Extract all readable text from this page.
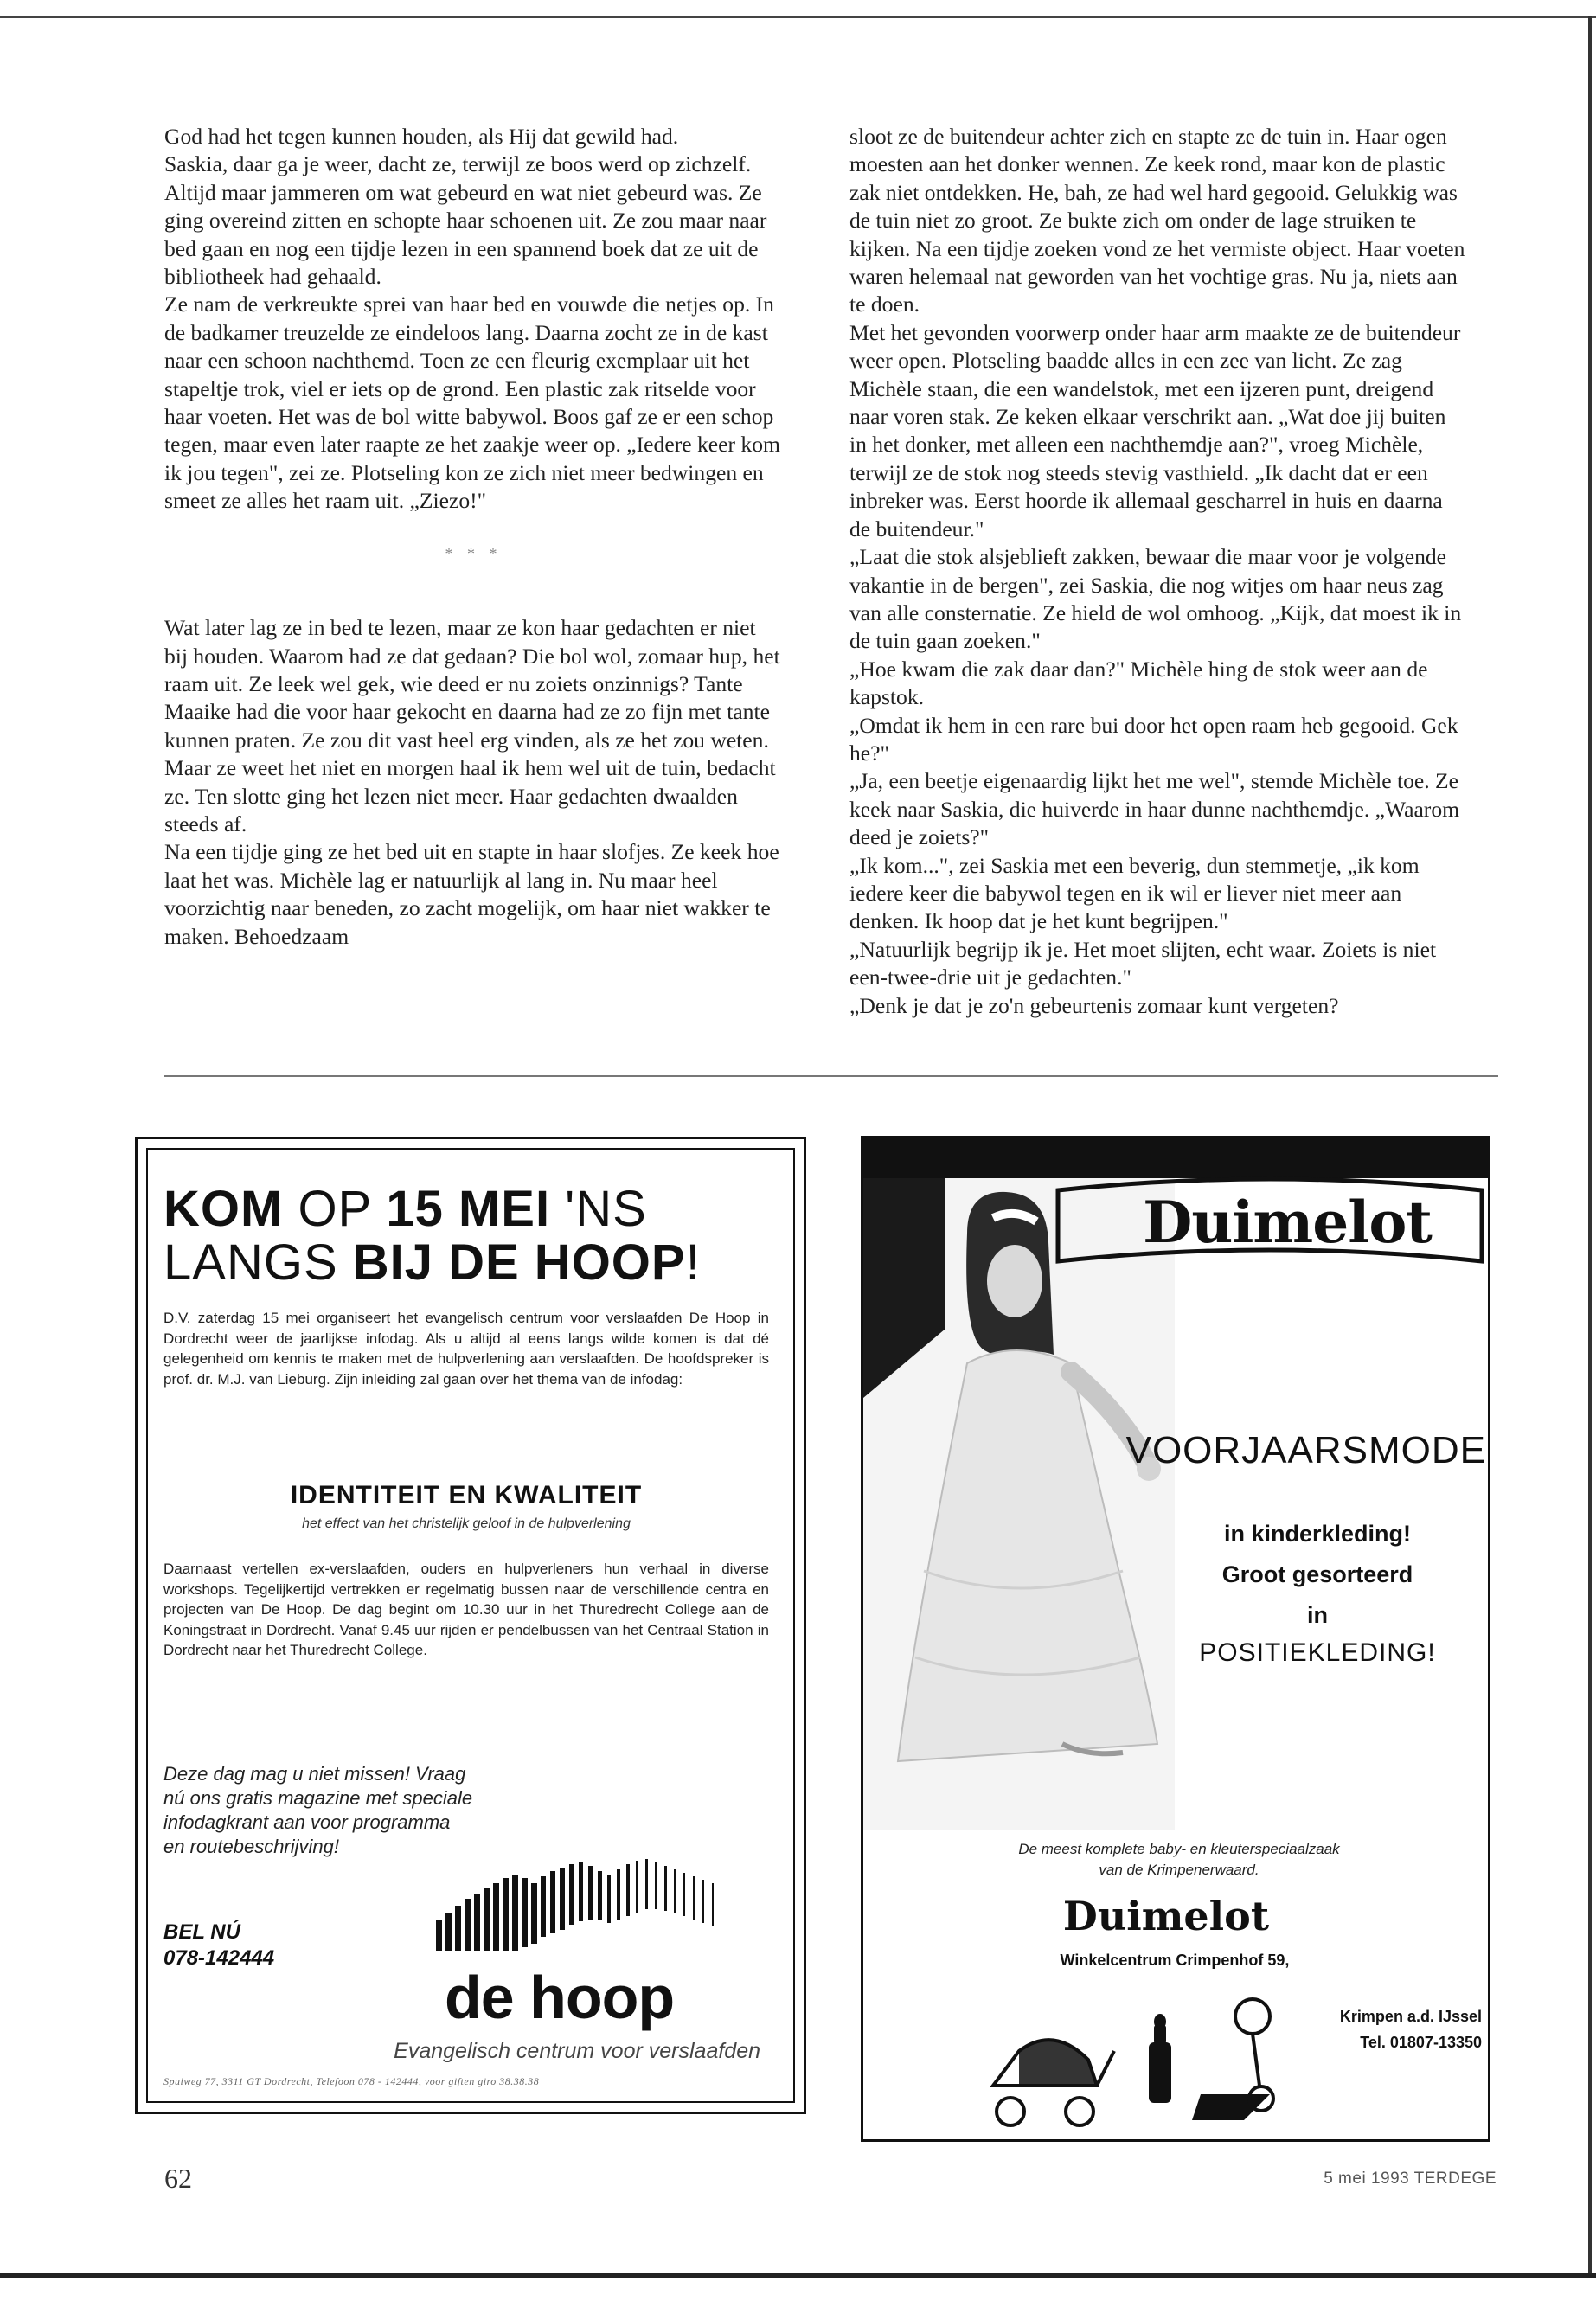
God had het tegen kunnen houden, als Hij dat gewild had.

Saskia, daar ga je weer, dacht ze, terwijl ze boos werd op zichzelf. Altijd maar jammeren om wat gebeurd en wat niet gebeurd was. Ze ging overeind zitten en schopte haar schoenen uit. Ze zou maar naar bed gaan en nog een tijdje lezen in een spannend boek dat ze uit de bibliotheek had gehaald.

Ze nam de verkreukte sprei van haar bed en vouwde die netjes op. In de badkamer treuzelde ze eindeloos lang. Daarna zocht ze in de kast naar een schoon nachthemd. Toen ze een fleurig exemplaar uit het stapeltje trok, viel er iets op de grond. Een plastic zak ritselde voor haar voeten. Het was de bol witte babywol. Boos gaf ze er een schop tegen, maar even later raapte ze het zaakje weer op. „Iedere keer kom ik jou tegen", zei ze. Plotseling kon ze zich niet meer bedwingen en smeet ze alles het raam uit. „Ziezo!"

* * *

Wat later lag ze in bed te lezen, maar ze kon haar gedachten er niet bij houden. Waarom had ze dat gedaan? Die bol wol, zomaar hup, het raam uit. Ze leek wel gek, wie deed er nu zoiets onzinnigs? Tante Maaike had die voor haar gekocht en daarna had ze zo fijn met tante kunnen praten. Ze zou dit vast heel erg vinden, als ze het zou weten. Maar ze weet het niet en morgen haal ik hem wel uit de tuin, bedacht ze. Ten slotte ging het lezen niet meer. Haar gedachten dwaalden steeds af.

Na een tijdje ging ze het bed uit en stapte in haar slofjes. Ze keek hoe laat het was. Michèle lag er natuurlijk al lang in. Nu maar heel voorzichtig naar beneden, zo zacht mogelijk, om haar niet wakker te maken. Behoedzaam

sloot ze de buitendeur achter zich en stapte ze de tuin in. Haar ogen moesten aan het donker wennen. Ze keek rond, maar kon de plastic zak niet ontdekken. He, bah, ze had wel hard gegooid. Gelukkig was de tuin niet zo groot. Ze bukte zich om onder de lage struiken te kijken. Na een tijdje zoeken vond ze het vermiste object. Haar voeten waren helemaal nat geworden van het vochtige gras. Nu ja, niets aan te doen.

Met het gevonden voorwerp onder haar arm maakte ze de buitendeur weer open. Plotseling baadde alles in een zee van licht. Ze zag Michèle staan, die een wandelstok, met een ijzeren punt, dreigend naar voren stak. Ze keken elkaar verschrikt aan. „Wat doe jij buiten in het donker, met alleen een nachthemdje aan?", vroeg Michèle, terwijl ze de stok nog steeds stevig vasthield. „Ik dacht dat er een inbreker was. Eerst hoorde ik allemaal gescharrel in huis en daarna de buitendeur."

„Laat die stok alsjeblieft zakken, bewaar die maar voor je volgende vakantie in de bergen", zei Saskia, die nog witjes om haar neus zag van alle consternatie. Ze hield de wol omhoog. „Kijk, dat moest ik in de tuin gaan zoeken."

„Hoe kwam die zak daar dan?" Michèle hing de stok weer aan de kapstok.

„Omdat ik hem in een rare bui door het open raam heb gegooid. Gek he?"

„Ja, een beetje eigenaardig lijkt het me wel", stemde Michèle toe. Ze keek naar Saskia, die huiverde in haar dunne nachthemdje. „Waarom deed je zoiets?"

„Ik kom...", zei Saskia met een beverig, dun stemmetje, „ik kom iedere keer die babywol tegen en ik wil er liever niet meer aan denken. Ik hoop dat je het kunt begrijpen."

„Natuurlijk begrijp ik je. Het moet slijten, echt waar. Zoiets is niet een-twee-drie uit je gedachten."

„Denk je dat je zo'n gebeurtenis zomaar kunt vergeten?

KOM OP 15 MEI 'NS
LANGS BIJ DE HOOP!
D.V. zaterdag 15 mei organiseert het evangelisch centrum voor verslaafden De Hoop in Dordrecht weer de jaarlijkse infodag. Als u altijd al eens langs wilde komen is dat dé gelegenheid om kennis te maken met de hulpverlening aan verslaafden. De hoofdspreker is prof. dr. M.J. van Lieburg. Zijn inleiding zal gaan over het thema van de infodag:
IDENTITEIT EN KWALITEIT
het effect van het christelijk geloof in de hulpverlening
Daarnaast vertellen ex-verslaafden, ouders en hulpverleners hun verhaal in diverse workshops. Tegelijkertijd vertrekken er regelmatig bussen naar de verschillende centra en projecten van De Hoop. De dag begint om 10.30 uur in het Thuredrecht College aan de Koningstraat in Dordrecht. Vanaf 9.45 uur rijden er pendelbussen van het Centraal Station in Dordrecht naar het Thuredrecht College.
Deze dag mag u niet missen! Vraag nú ons gratis magazine met speciale infodagkrant aan voor programma en routebeschrijving!
BEL NÚ
078-142444
de hoop
Evangelisch centrum voor verslaafden
Spuiweg 77, 3311 GT Dordrecht, Telefoon 078 - 142444, voor giften giro 38.38.38
Duimelot
VOORJAARSMODE
in kinderkleding!
Groot gesorteerd
in
POSITIEKLEDING!
De meest komplete baby- en kleuterspeciaalzaak
van de Krimpenerwaard.
Duimelot
Winkelcentrum Crimpenhof 59,
Krimpen a.d. IJssel
Tel. 01807-13350
62	5 mei 1993 TERDEGE
